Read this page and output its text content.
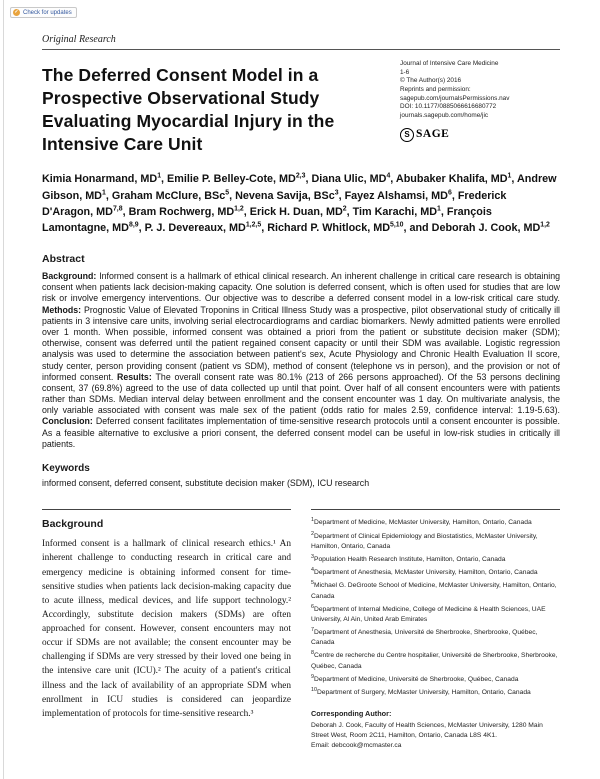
✓ Check for updates
Original Research
The Deferred Consent Model in a Prospective Observational Study Evaluating Myocardial Injury in the Intensive Care Unit
Journal of Intensive Care Medicine
1-6
© The Author(s) 2016
Reprints and permission:
sagepub.com/journalsPermissions.nav
DOI: 10.1177/0885066616680772
journals.sagepub.com/home/jic
S SAGE
Kimia Honarmand, $MD^1$, Emilie P. Belley-Cote, MD$^{2,3}$, Diana Ulic, $MD^4$, Abubaker Khalifa, $MD^1$, Andrew Gibson, $MD^1$, Graham McClure, BSc$^5$, Nevena Savija, BSc$^3$, Fayez Alshamsi, $MD^6$, Frederick D'Aragon, MD$^{7,8}$, Bram Rochwerg, MD$^{1,2}$, Erick H. Duan, $MD^2$, Tim Karachi, $MD^1$, François Lamontagne, MD$^{8,9}$, P. J. Devereaux, MD$^{1,2,5}$, Richard P. Whitlock, MD$^{5,10}$, and Deborah J. Cook, MD$^{1,2}$
Abstract

Background: Informed consent is a hallmark of ethical clinical research. An inherent challenge in critical care research is obtaining consent when patients lack decision-making capacity. One solution is deferred consent, which is often used for studies that are low risk or involve emergency interventions. Our objective was to describe a deferred consent model in a low-risk critical care study. Methods: Prognostic Value of Elevated Troponins in Critical Illness Study was a prospective, pilot observational study of critically ill patients in 3 intensive care units, involving serial electrocardiograms and cardiac biomarkers. Newly admitted patients were enrolled over 1 month. When possible, informed consent was obtained a priori from the patient or substitute decision maker (SDM); otherwise, consent was deferred until the patient regained consent capacity or until their SDM was available. Logistic regression analysis was used to determine the association between patient's sex, Acute Physiology and Chronic Health Evaluation II score, study center, person providing consent (patient vs SDM), method of consent (telephone vs in person), and the provision or not of informed consent. Results: The overall consent rate was 80.1% (213 of 266 persons approached). Of the 53 persons declining consent, 37 (69.8%) agreed to the use of data collected up until that point. Over half of all consent encounters were with patients rather than SDMs. Median interval delay between enrollment and the consent encounter was 1 day. On multivariate analysis, the only variable associated with consent was male sex of the patient (odds ratio for males 2.59, confidence interval: 1.19-5.63). Conclusion: Deferred consent facilitates implementation of time-sensitive research protocols until a consent encounter is possible. As a feasible alternative to exclusive a priori consent, the deferred consent model can be useful in low-risk studies in critically ill patients.

Keywords

informed consent, deferred consent, substitute decision maker (SDM), ICU research

Background

Informed consent is a hallmark of clinical research ethics.¹ An inherent challenge to conducting research in critical care and emergency medicine is obtaining informed consent for time-sensitive studies when patients lack decision-making capacity due to acute illness, medical devices, and life support technology.² Accordingly, substitute decision makers (SDMs) are often approached for consent. However, consent encounters may not occur if SDMs are not available; the consent encounter may be challenging if SDMs are very stressed by their loved one being in the intensive care unit (ICU).² The acuity of a patient's critical illness and the lack of availability of an appropriate SDM when enrollment in ICU studies is considered can jeopardize implementation of protocols for time-sensitive research.³

$^1$Department of Medicine, McMaster University, Hamilton, Ontario, Canada
$^2$Department of Clinical Epidemiology and Biostatistics, McMaster University, Hamilton, Ontario, Canada
$^3$Population Health Research Institute, Hamilton, Ontario, Canada
$^4$Department of Anesthesia, McMaster University, Hamilton, Ontario, Canada
$^5$Michael G. DeGroote School of Medicine, McMaster University, Hamilton, Ontario, Canada
$^6$Department of Internal Medicine, College of Medicine & Health Sciences, UAE University, Al Ain, United Arab Emirates
$^7$Department of Anesthesia, Université de Sherbrooke, Sherbrooke, Québec, Canada
$^8$Centre de recherche du Centre hospitalier, Université de Sherbrooke, Sherbrooke, Québec, Canada
$^9$Department of Medicine, Université de Sherbrooke, Québec, Canada
$^{10}$Department of Surgery, McMaster University, Hamilton, Ontario, Canada
Corresponding Author:

Deborah J. Cook, Faculty of Health Sciences, McMaster University, 1280 Main Street West, Room 2C11, Hamilton, Ontario, Canada L8S 4K1.

Email: debcook@mcmaster.ca
